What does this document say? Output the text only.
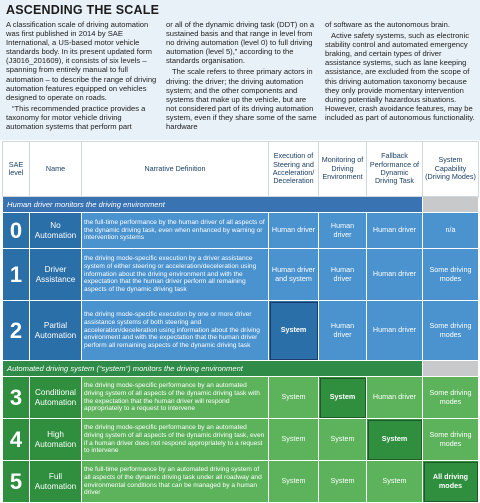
ASCENDING THE SCALE

A classification scale of driving automation was first published in 2014 by SAE International, a US-based motor vehicle standards body. In its present updated form (J3016_201609), it consists of six levels – spanning from entirely manual to full automation – to describe the range of driving automation features equipped on vehicles designed to operate on roads.

“This recommended practice provides a taxonomy for motor vehicle driving automation systems that perform part

or all of the dynamic driving task (DDT) on a sustained basis and that range in level from no driving automation (level 0) to full driving automation (level 5),” according to the standards organisation.

The scale refers to three primary actors in driving: the driver; the driving automation system; and the other components and systems that make up the vehicle, but are not considered part of its driving automation system, even if they share some of the same hardware

of software as the autonomous brain.

Active safety systems, such as electronic stability control and automated emergency braking, and certain types of driver assistance systems, such as lane keeping assistance, are excluded from the scope of this driving automation taxonomy because they only provide momentary intervention during potentially hazardous situations. However, crash avoidance features, may be included as part of autonomous functionality.

SAE level	Name	Narrative Definition	Execution of Steering and Acceleration/ Deceleration	Monitoring of Driving Environment	Fallback Performance of Dynamic Driving Task	System Capability (Driving Modes)
Human driver monitors the driving environment						
0	No Automation	the full-time performance by the human driver of all aspects of the dynamic driving task, even when enhanced by warning or intervention systems	Human driver	Human driver	Human driver	n/a
1	Driver Assistance	the driving mode-specific execution by a driver assistance system of either steering or acceleration/deceleration using information about the driving environment and with the expectation that the human driver perform all remaining aspects of the dynamic driving task	Human driver and system	Human driver	Human driver	Some driving modes
2	Partial Automation	the driving mode-specific execution by one or more driver assistance systems of both steering and acceleration/deceleration using information about the driving environment and with the expectation that the human driver perform all remaining aspects of the dynamic driving task	System	Human driver	Human driver	Some driving modes
Automated driving system (“system”) monitors the driving environment						
3	Conditional Automation	the driving mode-specific performance by an automated driving system of all aspects of the dynamic driving task with the expectation that the human driver will respond appropriately to a request to intervene	System	System	Human driver	Some driving modes
4	High Automation	the driving mode-specific performance by an automated driving system of all aspects of the dynamic driving task, even if a human driver does not respond appropriately to a request to intervene	System	System	System	Some driving modes
5	Full Automation	the full-time performance by an automated driving system of all aspects of the dynamic driving task under all roadway and environmental conditions that can be managed by a human driver	System	System	System	All driving modes
